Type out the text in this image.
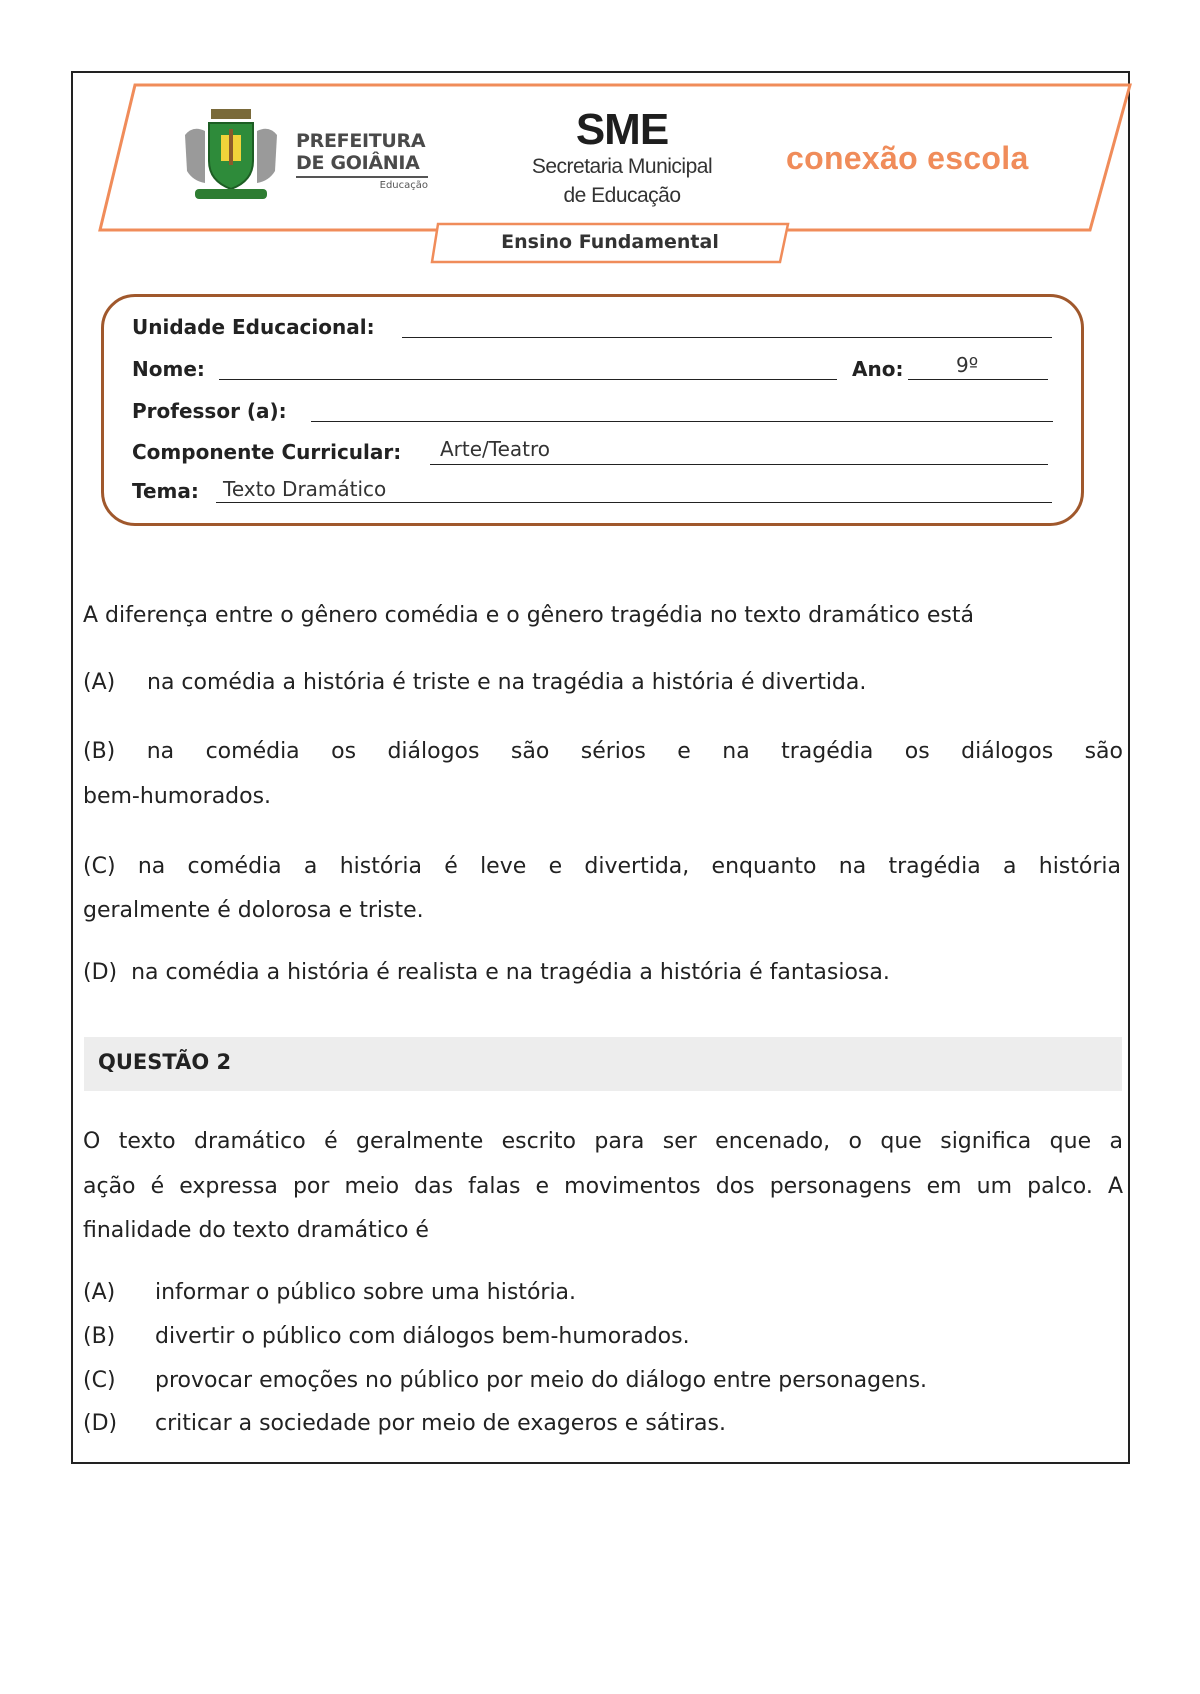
PREFEITURA
DE GOIÂNIA
Educação
SME
Secretaria Municipal
de Educação
conexão escola
Ensino Fundamental
Unidade Educacional:
Nome:	Ano:	9º
Professor (a):
Componente Curricular: Arte/Teatro
Tema: Texto Dramático
A diferença entre o gênero comédia e o gênero tragédia no texto dramático está
(A) na comédia a história é triste e na tragédia a história é divertida.
(B) na comédia os diálogos são sérios e na tragédia os diálogos são
bem-humorados.
(C) na comédia a história é leve e divertida, enquanto na tragédia a história
geralmente é dolorosa e triste.
(D) na comédia a história é realista e na tragédia a história é fantasiosa.
QUESTÃO 2
O texto dramático é geralmente escrito para ser encenado, o que significa que a
ação é expressa por meio das falas e movimentos dos personagens em um palco. A
finalidade do texto dramático é
(A) informar o público sobre uma história.
(B) divertir o público com diálogos bem-humorados.
(C) provocar emoções no público por meio do diálogo entre personagens.
(D) criticar a sociedade por meio de exageros e sátiras.
